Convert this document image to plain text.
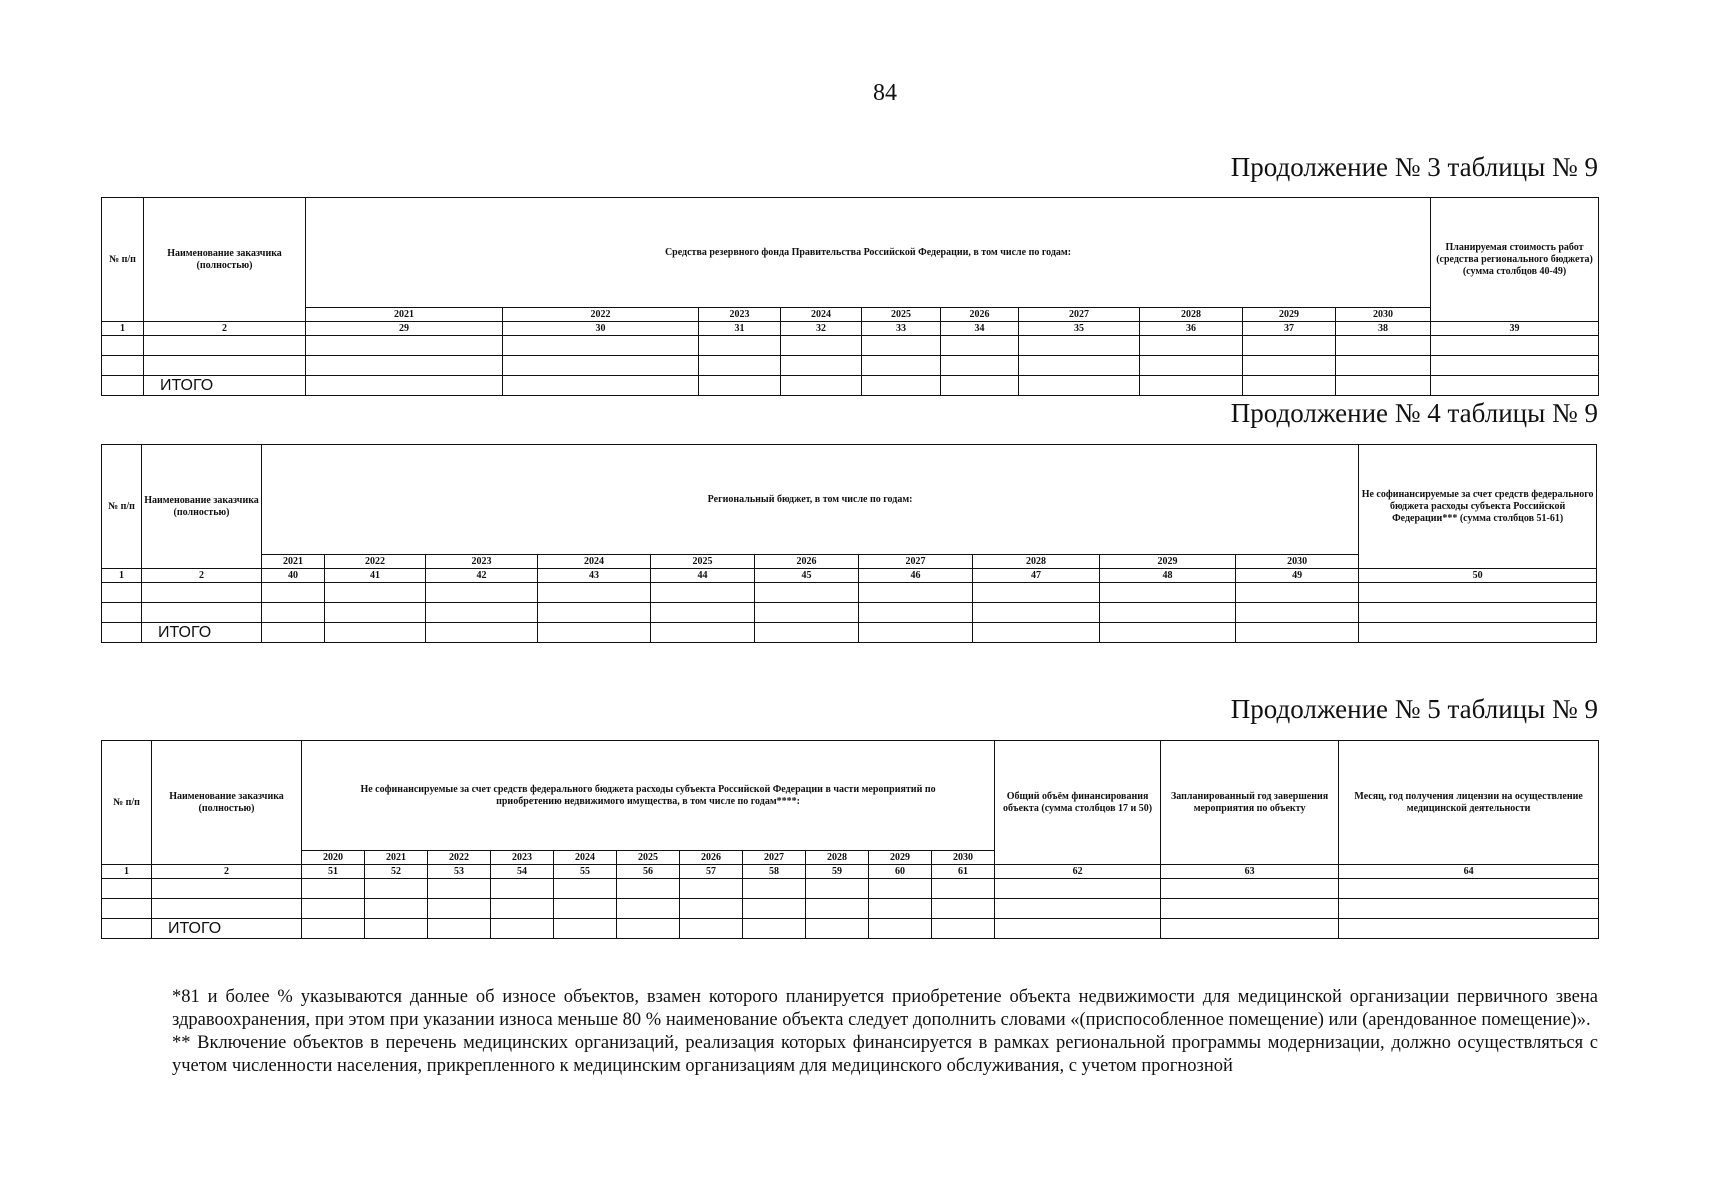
84
Продолжение № 3 таблицы № 9
№ п/п	Наименование заказчика (полностью)	Средства резервного фонда Правительства Российской Федерации, в том числе по годам:										Планируемая стоимость работ (средства регионального бюджета) (сумма столбцов 40-49)
		2021	2022	2023	2024	2025	2026	2027	2028	2029	2030	
1	2	29	30	31	32	33	34	35	36	37	38	39

	ИТОГО											
Продолжение № 4 таблицы № 9
№ п/п	Наименование заказчика (полностью)	Региональный бюджет, в том числе по годам:										Не софинансируемые за счет средств федерального бюджета расходы субъекта Российской Федерации*** (сумма столбцов 51-61)
		2021	2022	2023	2024	2025	2026	2027	2028	2029	2030	
1	2	40	41	42	43	44	45	46	47	48	49	50

	ИТОГО											
Продолжение № 5 таблицы № 9
№ п/п	Наименование заказчика (полностью)	Не софинансируемые за счет средств федерального бюджета расходы субъекта Российской Федерации в части мероприятий по приобретению недвижимого имущества, в том числе по годам****:											Общий объём финансирования объекта (сумма столбцов 17 и 50)	Запланированный год завершения мероприятия по объекту	Месяц, год получения лицензии на осуществление медицинской деятельности
		2020	2021	2022	2023	2024	2025	2026	2027	2028	2029	2030			
1	2	51	52	53	54	55	56	57	58	59	60	61	62	63	64

	ИТОГО														

*81 и более % указываются данные об износе объектов, взамен которого планируется приобретение объекта недвижимости для медицинской организации первичного звена здравоохранения, при этом при указании износа меньше 80 % наименование объекта следует дополнить словами «(приспособленное помещение) или (арендованное помещение)».

** Включение объектов в перечень медицинских организаций, реализация которых финансируется в рамках региональной программы модернизации, должно осуществляться с учетом численности населения, прикрепленного к медицинским организациям для медицинского обслуживания, с учетом прогнозной
